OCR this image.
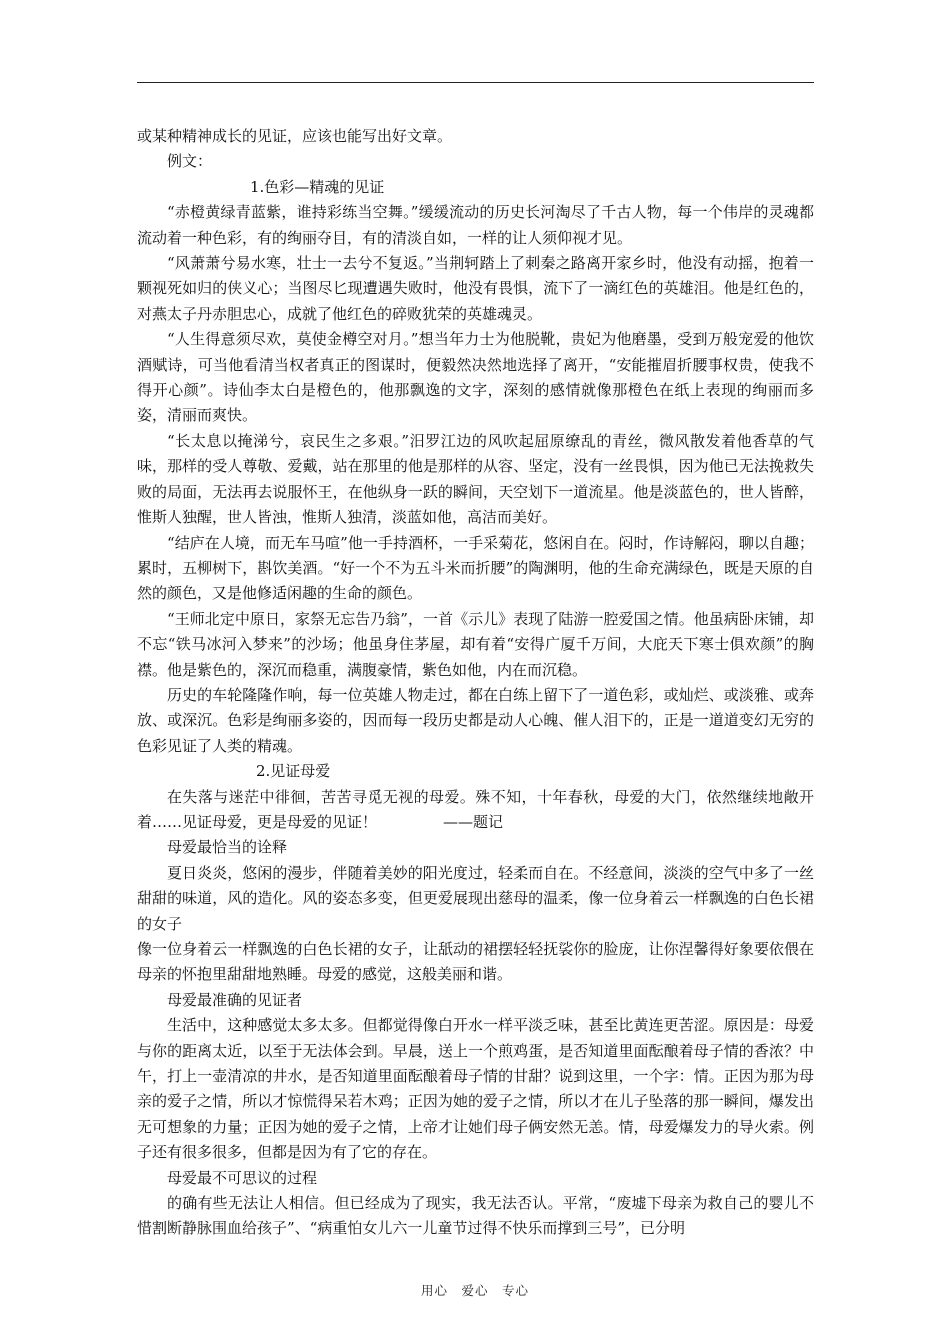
或某种精神成长的见证，应该也能写出好文章。

例文：

1.色彩—精魂的见证

“赤橙黄绿青蓝紫，谁持彩练当空舞。”缓缓流动的历史长河淘尽了千古人物，每一个伟岸的灵魂都流动着一种色彩，有的绚丽夺目，有的清淡自如，一样的让人须仰视才见。

“风萧萧兮易水寒，壮士一去兮不复返。”当荆轲踏上了刺秦之路离开家乡时，他没有动摇，抱着一颗视死如归的侠义心；当图尽匕现遭遇失败时，他没有畏惧，流下了一滴红色的英雄泪。他是红色的，对燕太子丹赤胆忠心，成就了他红色的碎败犹荣的英雄魂灵。

“人生得意须尽欢，莫使金樽空对月。”想当年力士为他脱靴，贵妃为他磨墨，受到万般宠爱的他饮酒赋诗，可当他看清当权者真正的图谋时，便毅然决然地选择了离开，“安能摧眉折腰事权贵，使我不得开心颜”。诗仙李太白是橙色的，他那飘逸的文字，深刻的感情就像那橙色在纸上表现的绚丽而多姿，清丽而爽快。

“长太息以掩涕兮，哀民生之多艰。”汨罗江边的风吹起屈原缭乱的青丝，微风散发着他香草的气味，那样的受人尊敬、爱戴，站在那里的他是那样的从容、坚定，没有一丝畏惧，因为他已无法挽救失败的局面，无法再去说服怀王，在他纵身一跃的瞬间，天空划下一道流星。他是淡蓝色的，世人皆醉，惟斯人独醒，世人皆浊，惟斯人独清，淡蓝如他，高洁而美好。

“结庐在人境，而无车马喧”他一手持酒杯，一手采菊花，悠闲自在。闷时，作诗解闷，聊以自趣；累时，五柳树下，斟饮美酒。“好一个不为五斗米而折腰”的陶渊明，他的生命充满绿色，既是天原的自然的颜色，又是他修适闲趣的生命的颜色。

“王师北定中原日，家祭无忘告乃翁”，一首《示儿》表现了陆游一腔爱国之情。他虽病卧床铺，却不忘“铁马冰河入梦来”的沙场；他虽身住茅屋，却有着“安得广厦千万间，大庇天下寒士俱欢颜”的胸襟。他是紫色的，深沉而稳重，满腹豪情，紫色如他，内在而沉稳。

历史的车轮隆隆作响，每一位英雄人物走过，都在白练上留下了一道色彩，或灿烂、或淡雅、或奔放、或深沉。色彩是绚丽多姿的，因而每一段历史都是动人心魄、催人泪下的，正是一道道变幻无穷的色彩见证了人类的精魂。

2.见证母爱

在失落与迷茫中徘徊，苦苦寻觅无视的母爱。殊不知，十年春秋，母爱的大门，依然继续地敞开着……见证母爱，更是母爱的见证！	——题记

母爱最恰当的诠释

夏日炎炎，悠闲的漫步，伴随着美妙的阳光度过，轻柔而自在。不经意间，淡淡的空气中多了一丝甜甜的味道，风的造化。风的姿态多变，但更爱展现出慈母的温柔，像一位身着云一样飘逸的白色长裙的女子

像一位身着云一样飘逸的白色长裙的女子，让舐动的裙摆轻轻抚裟你的脸庞，让你涅馨得好象要依偎在母亲的怀抱里甜甜地熟睡。母爱的感觉，这般美丽和谐。

母爱最准确的见证者

生活中，这种感觉太多太多。但都觉得像白开水一样平淡乏味，甚至比黄连更苦涩。原因是：母爱与你的距离太近，以至于无法体会到。早晨，送上一个煎鸡蛋，是否知道里面酝酿着母子情的香浓？中午，打上一壶清凉的井水，是否知道里面酝酿着母子情的甘甜？说到这里，一个字：情。正因为那为母亲的爱子之情，所以才惊慌得呆若木鸡；正因为她的爱子之情，所以才在儿子坠落的那一瞬间，爆发出无可想象的力量；正因为她的爱子之情，上帝才让她们母子俩安然无恙。情，母爱爆发力的导火索。例子还有很多很多，但都是因为有了它的存在。

母爱最不可思议的过程

的确有些无法让人相信。但已经成为了现实，我无法否认。平常，“废墟下母亲为救自己的婴儿不惜割断静脉围血给孩子”、“病重怕女儿六一儿童节过得不快乐而撑到三号”，已分明

用心　爱心　专心
